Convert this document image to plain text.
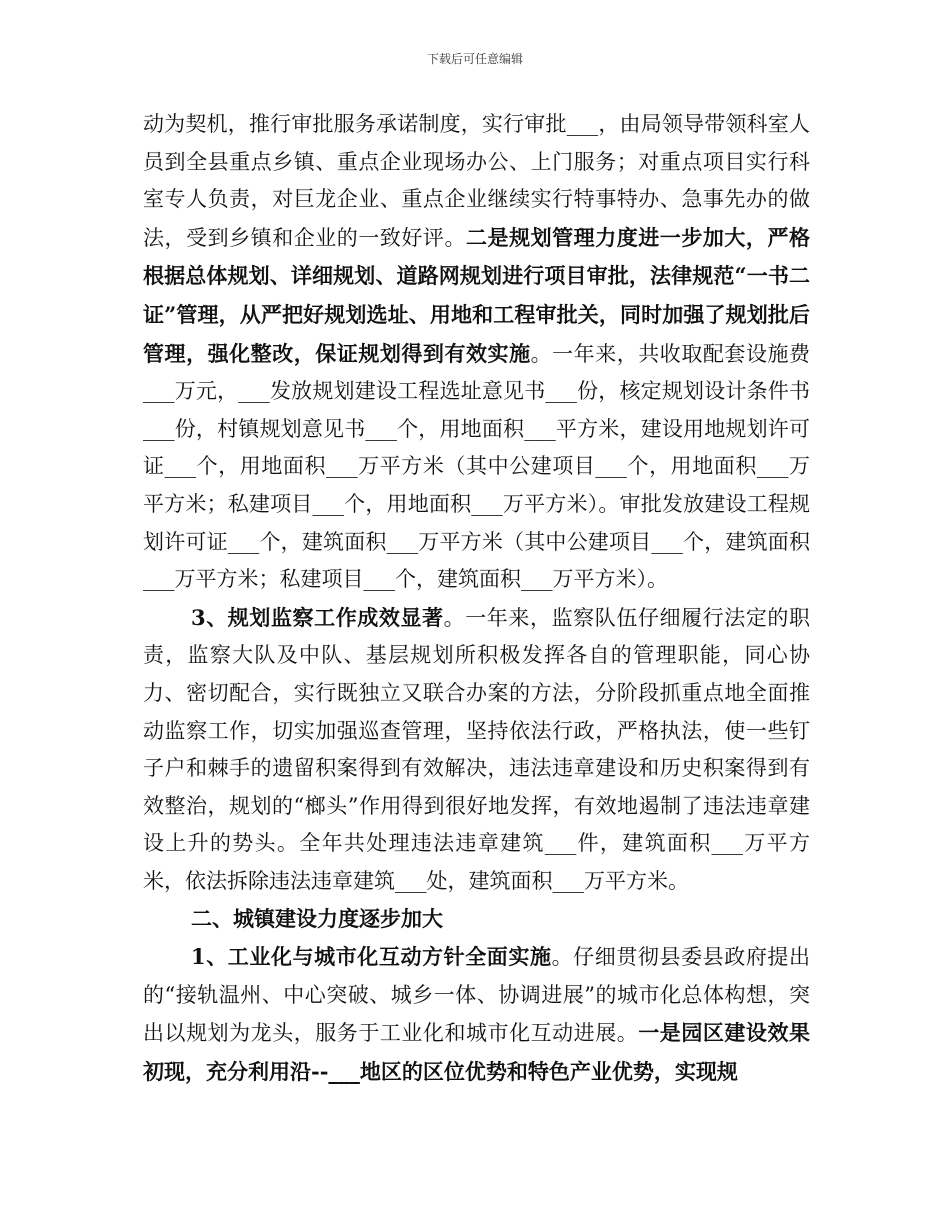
下载后可任意编辑

动为契机，推行审批服务承诺制度，实行审批___，由局领导带领科室人员到全县重点乡镇、重点企业现场办公、上门服务；对重点项目实行科室专人负责，对巨龙企业、重点企业继续实行特事特办、急事先办的做法，受到乡镇和企业的一致好评。二是规划管理力度进一步加大，严格根据总体规划、详细规划、道路网规划进行项目审批，法律规范“一书二证”管理，从严把好规划选址、用地和工程审批关，同时加强了规划批后管理，强化整改，保证规划得到有效实施。一年来，共收取配套设施费___万元，___发放规划建设工程选址意见书___份，核定规划设计条件书___份，村镇规划意见书___个，用地面积___平方米，建设用地规划许可证___个，用地面积___万平方米（其中公建项目___个，用地面积___万平方米；私建项目___个，用地面积___万平方米）。审批发放建设工程规划许可证___个，建筑面积___万平方米（其中公建项目___个，建筑面积___万平方米；私建项目___个，建筑面积___万平方米）。

3、规划监察工作成效显著。一年来，监察队伍仔细履行法定的职责，监察大队及中队、基层规划所积极发挥各自的管理职能，同心协力、密切配合，实行既独立又联合办案的方法，分阶段抓重点地全面推动监察工作，切实加强巡查管理，坚持依法行政，严格执法，使一些钉子户和棘手的遗留积案得到有效解决，违法违章建设和历史积案得到有效整治，规划的“榔头”作用得到很好地发挥，有效地遏制了违法违章建设上升的势头。全年共处理违法违章建筑___件，建筑面积___万平方米，依法拆除违法违章建筑___处，建筑面积___万平方米。

二、城镇建设力度逐步加大

1、工业化与城市化互动方针全面实施。仔细贯彻县委县政府提出的“接轨温州、中心突破、城乡一体、协调进展”的城市化总体构想，突出以规划为龙头，服务于工业化和城市化互动进展。一是园区建设效果初现，充分利用沿--___地区的区位优势和特色产业优势，实现规
